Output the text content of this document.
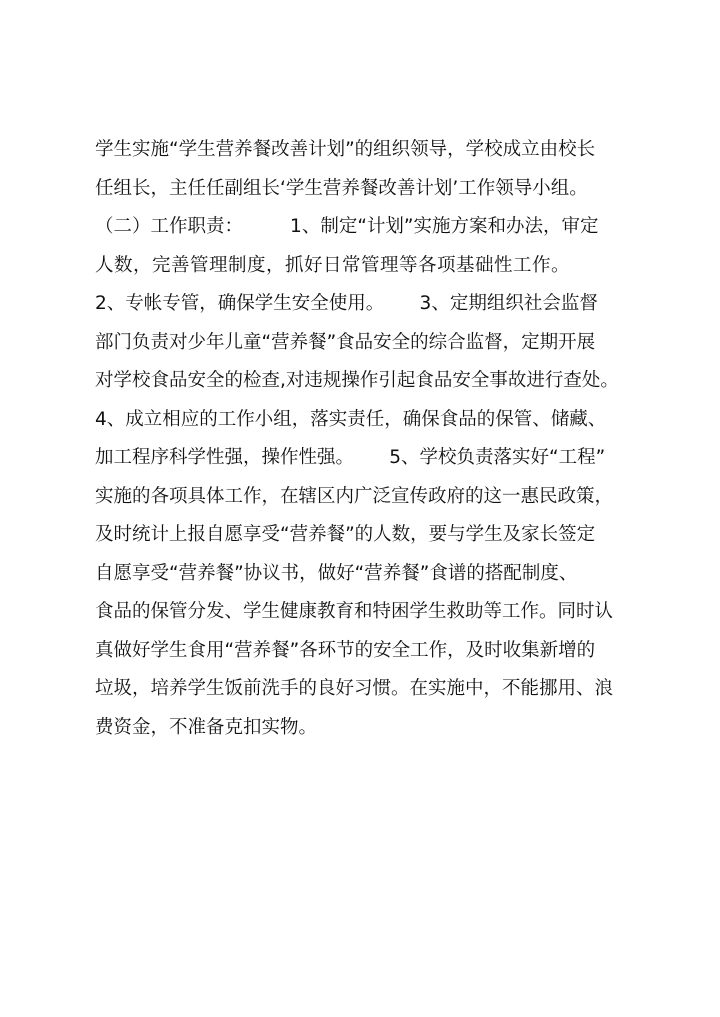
学生实施“学生营养餐改善计划”的组织领导，学校成立由校长
任组长，主任任副组长‘学生营养餐改善计划’工作领导小组。
（二）工作职责：        1、制定“计划”实施方案和办法，审定
人数，完善管理制度，抓好日常管理等各项基础性工作。
2、专帐专管，确保学生安全使用。      3、定期组织社会监督
部门负责对少年儿童“营养餐”食品安全的综合监督，定期开展
对学校食品安全的检查,对违规操作引起食品安全事故进行查处。
4、成立相应的工作小组，落实责任，确保食品的保管、储藏、
加工程序科学性强，操作性强。      5、学校负责落实好“工程”
实施的各项具体工作，在辖区内广泛宣传政府的这一惠民政策，
及时统计上报自愿享受“营养餐”的人数，要与学生及家长签定
自愿享受“营养餐”协议书，做好“营养餐”食谱的搭配制度、
食品的保管分发、学生健康教育和特困学生救助等工作。同时认
真做好学生食用“营养餐”各环节的安全工作，及时收集新增的
垃圾，培养学生饭前洗手的良好习惯。在实施中，不能挪用、浪
费资金，不准备克扣实物。
